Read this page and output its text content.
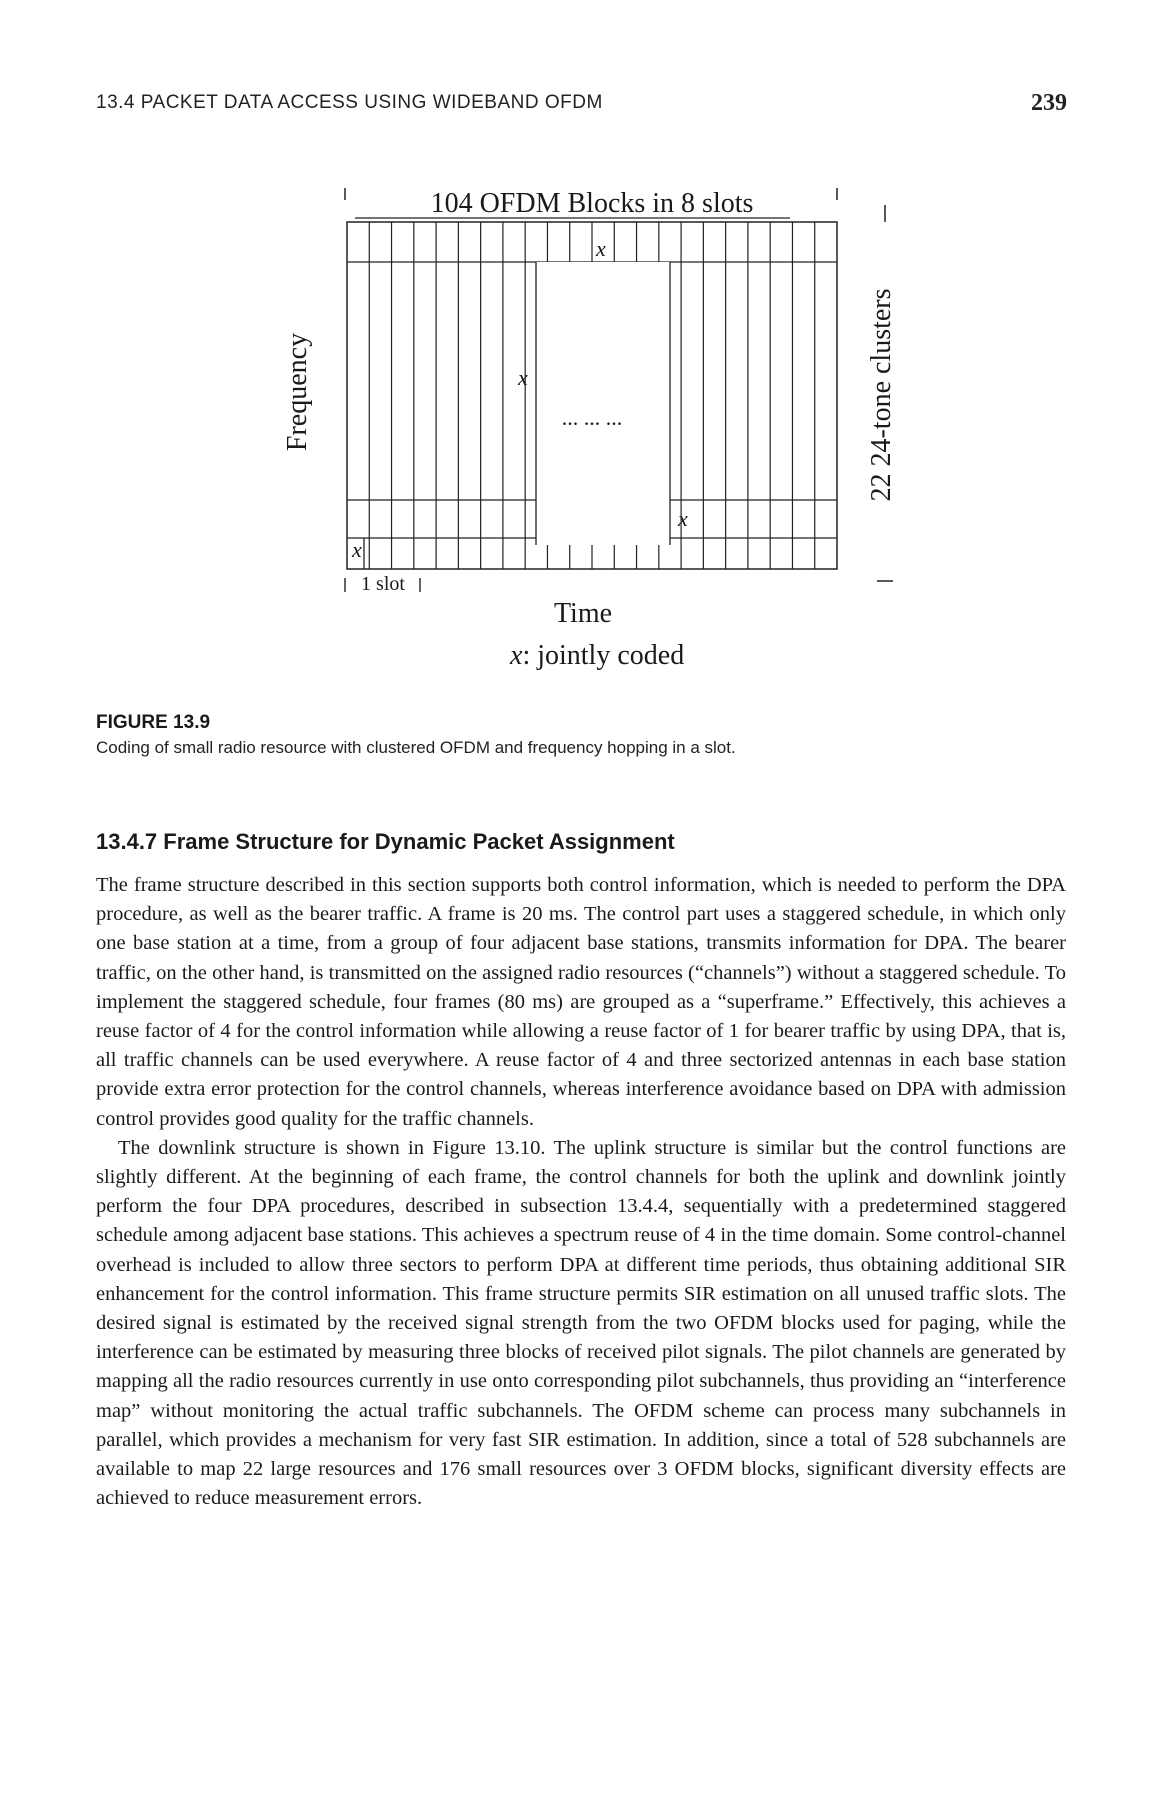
13.4 PACKET DATA ACCESS USING WIDEBAND OFDM	239
104 OFDM Blocks in 8 slots
Frequency	22 24-tone clusters
x
x
x
x
... ... ...
1 slot
Time
x: jointly coded
FIGURE 13.9
Coding of small radio resource with clustered OFDM and frequency hopping in a slot.
13.4.7 Frame Structure for Dynamic Packet Assignment

The frame structure described in this section supports both control information, which is needed to perform the DPA procedure, as well as the bearer traffic. A frame is 20 ms. The control part uses a staggered schedule, in which only one base station at a time, from a group of four adjacent base stations, transmits information for DPA. The bearer traffic, on the other hand, is transmitted on the assigned radio resources (“channels”) without a staggered schedule. To implement the staggered schedule, four frames (80 ms) are grouped as a “superframe.” Effectively, this achieves a reuse factor of 4 for the control information while allowing a reuse factor of 1 for bearer traffic by using DPA, that is, all traffic channels can be used everywhere. A reuse factor of 4 and three sectorized antennas in each base station provide extra error protection for the control channels, whereas interference avoidance based on DPA with admission control provides good quality for the traffic channels.

The downlink structure is shown in Figure 13.10. The uplink structure is similar but the control functions are slightly different. At the beginning of each frame, the control channels for both the uplink and downlink jointly perform the four DPA procedures, described in subsection 13.4.4, sequentially with a predetermined staggered schedule among adjacent base stations. This achieves a spectrum reuse of 4 in the time domain. Some control-channel overhead is included to allow three sectors to perform DPA at different time periods, thus obtaining additional SIR enhancement for the control information. This frame structure permits SIR estimation on all unused traffic slots. The desired signal is estimated by the received signal strength from the two OFDM blocks used for paging, while the interference can be estimated by measuring three blocks of received pilot signals. The pilot channels are generated by mapping all the radio resources currently in use onto corresponding pilot subchannels, thus providing an “interference map” without monitoring the actual traffic subchannels. The OFDM scheme can process many subchannels in parallel, which provides a mechanism for very fast SIR estimation. In addition, since a total of 528 subchannels are available to map 22 large resources and 176 small resources over 3 OFDM blocks, significant diversity effects are achieved to reduce measurement errors.
